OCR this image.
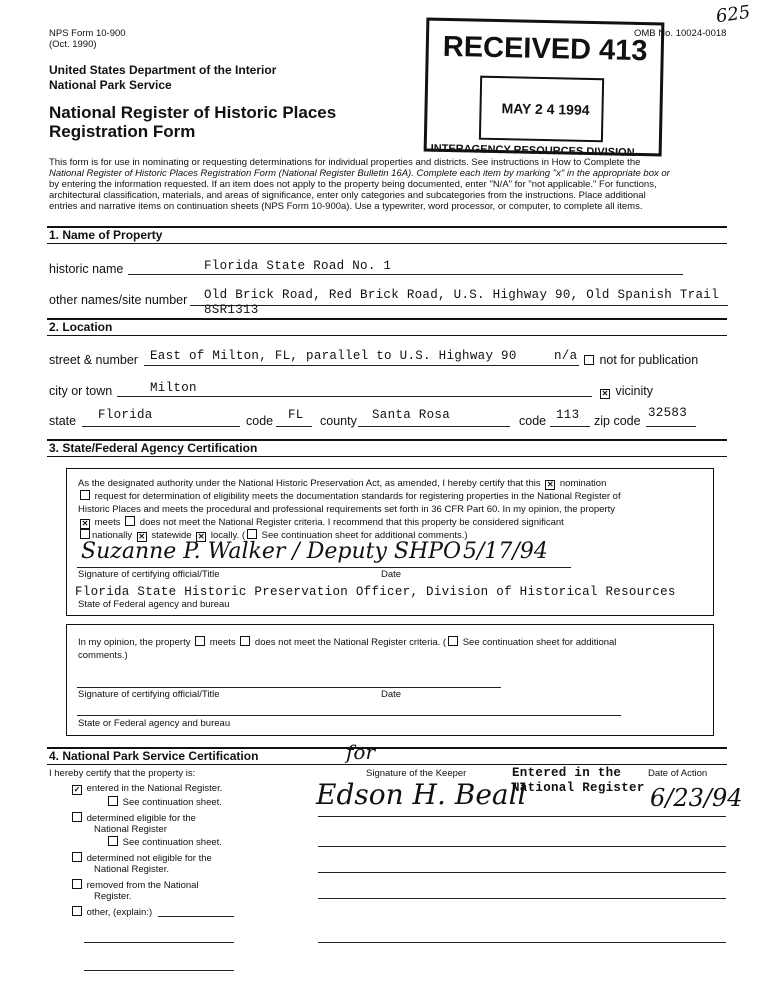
NPS Form 10-900
(Oct. 1990)
OMB No. 10024-0018
625
United States Department of the Interior
National Park Service
National Register of Historic Places
Registration Form
RECEIVED 413
MAY 2 4 1994
INTERAGENCY RESOURCES DIVISION
This form is for use in nominating or requesting determinations for individual properties and districts. See instructions in How to Complete the
National Register of Historic Places Registration Form (National Register Bulletin 16A). Complete each item by marking "x" in the appropriate box or
by entering the information requested. If an item does not apply to the property being documented, enter "N/A" for "not applicable." For functions,
architectural classification, materials, and areas of significance, enter only categories and subcategories from the instructions. Place additional
entries and narrative items on continuation sheets (NPS Form 10-900a). Use a typewriter, word processor, or computer, to complete all items.
1. Name of Property
historic name	Florida State Road No. 1
other names/site number Old Brick Road, Red Brick Road, U.S. Highway 90, Old Spanish Trail
8SR1313
2. Location
street & number East of Milton, FL, parallel to U.S. Highway 90	n/a	not for publication
city or town	Milton	✕ vicinity
state Florida	code FL county Santa Rosa	code 113 zip code
32583
3. State/Federal Agency Certification
As the designated authority under the National Historic Preservation Act, as amended, I hereby certify that this ✕ nomination
request for determination of eligibility meets the documentation standards for registering properties in the National Register of
Historic Places and meets the procedural and professional requirements set forth in 36 CFR Part 60. In my opinion, the property
✕ meets does not meet the National Register criteria. I recommend that this property be considered significant
nationally ✕ statewide ✕ locally. ( See continuation sheet for additional comments.)
Suzanne P. Walker / Deputy SHPO 5/17/94
Signature of certifying official/Title	Date
Florida State Historic Preservation Officer, Division of Historical Resources
State of Federal agency and bureau
In my opinion, the property meets does not meet the National Register criteria. ( See continuation sheet for additional
comments.)
Signature of certifying official/Title	Date
State or Federal agency and bureau
4. National Park Service Certification
I hereby certify that the property is:
✓ entered in the National Register.
See continuation sheet.
determined eligible for the
National Register
See continuation sheet.
determined not eligible for the
National Register.
removed from the National
Register.
other, (explain:)
Signature of the Keeper	Date of Action
for
Edson H. Beall
Entered in the
National Register 6/23/94
